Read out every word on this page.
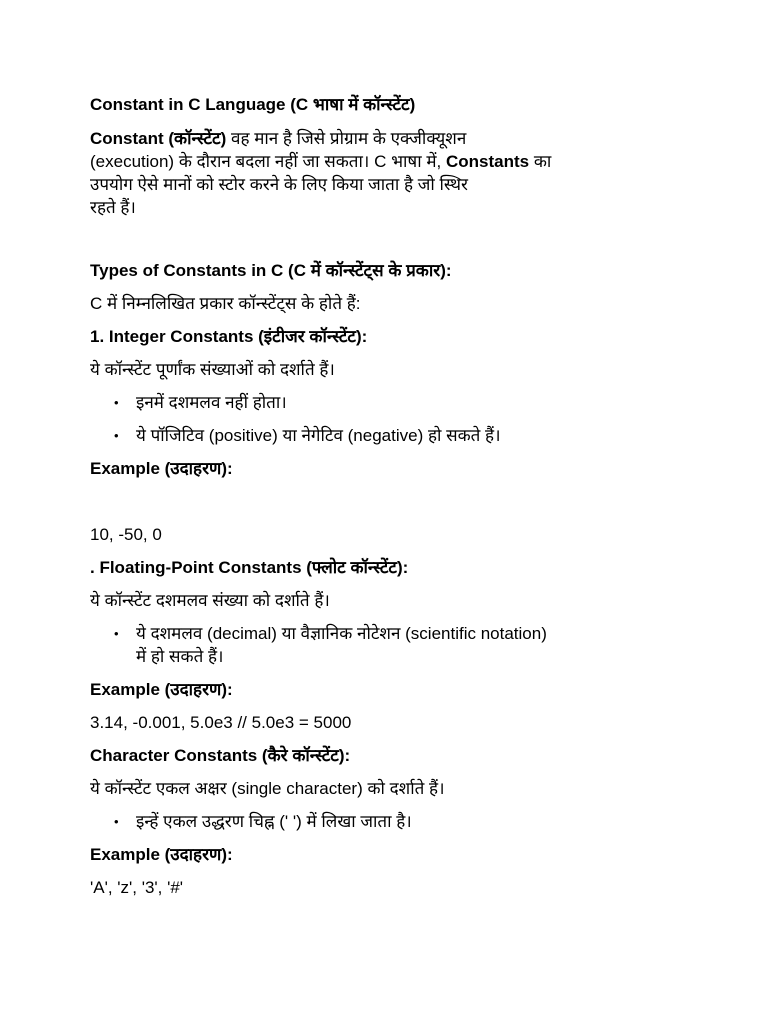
Constant in C Language (C भाषा में कॉन्स्टेंट)
Constant (कॉन्स्टेंट) वह मान है जिसे प्रोग्राम के एक्जीक्यूशन
(execution) के दौरान बदला नहीं जा सकता। C भाषा में, Constants का
उपयोग ऐसे मानों को स्टोर करने के लिए किया जाता है जो स्थिर
रहते हैं।
Types of Constants in C (C में कॉन्स्टेंट्स के प्रकार):
C में निम्नलिखित प्रकार कॉन्स्टेंट्स के होते हैं:
1. Integer Constants (इंटीजर कॉन्स्टेंट):
ये कॉन्स्टेंट पूर्णांक संख्याओं को दर्शाते हैं।
• इनमें दशमलव नहीं होता।
• ये पॉजिटिव (positive) या नेगेटिव (negative) हो सकते हैं।
Example (उदाहरण):
10, -50, 0
. Floating-Point Constants (फ्लोट कॉन्स्टेंट):
ये कॉन्स्टेंट दशमलव संख्या को दर्शाते हैं।
• ये दशमलव (decimal) या वैज्ञानिक नोटेशन (scientific notation)
में हो सकते हैं।
Example (उदाहरण):
3.14, -0.001, 5.0e3 // 5.0e3 = 5000
Character Constants (कैरे कॉन्स्टेंट):
ये कॉन्स्टेंट एकल अक्षर (single character) को दर्शाते हैं।
• इन्हें एकल उद्धरण चिह्न (' ') में लिखा जाता है।
Example (उदाहरण):
'A', 'z', '3', '#'
